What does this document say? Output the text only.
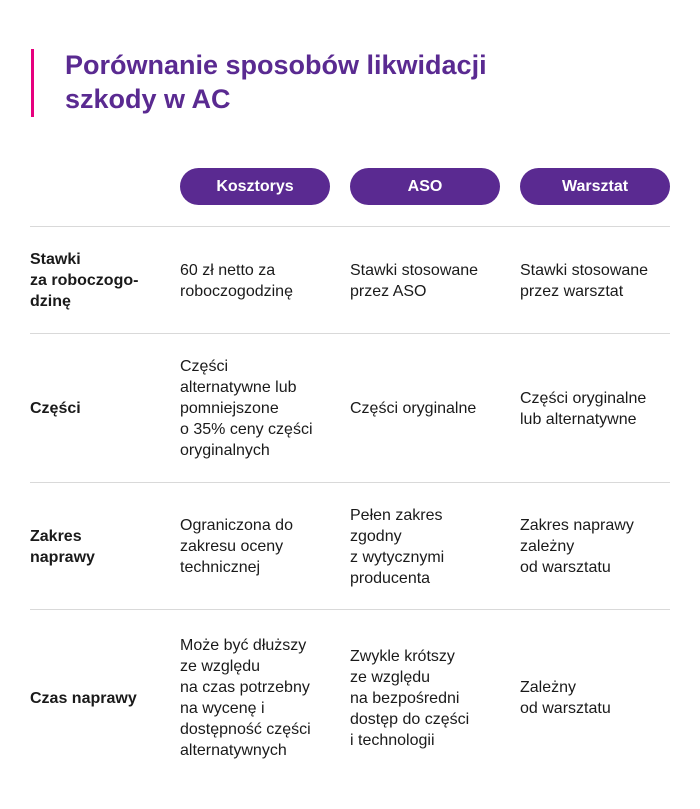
Porównanie sposobów likwidacji
szkody w AC
Kosztorys	ASO	Warsztat
Stawki
za roboczogo-
dzinę
60 zł netto za
roboczogodzinę
Stawki stosowane
przez ASO
Stawki stosowane
przez warsztat
Części
Części
alternatywne lub
pomniejszone
o 35% ceny części
oryginalnych
Części oryginalne
Części oryginalne
lub alternatywne
Zakres
naprawy
Ograniczona do
zakresu oceny
technicznej
Pełen zakres
zgodny
z wytycznymi
producenta
Zakres naprawy
zależny
od warsztatu
Czas naprawy
Może być dłuższy
ze względu
na czas potrzebny
na wycenę i
dostępność części
alternatywnych
Zwykle krótszy
ze względu
na bezpośredni
dostęp do części
i technologii
Zależny
od warsztatu
